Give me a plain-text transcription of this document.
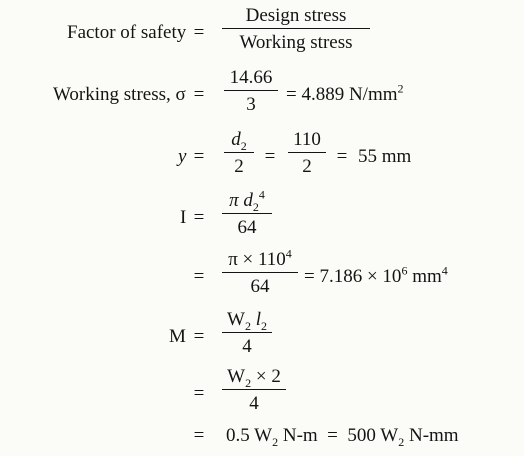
Factor of safety =
Design stress
Working stress
Working stress, σ =
14.66
3	= 4.889 $N/mm^2$
y =
$d_2$
2	=
110
2	= 55 mm
I =
π $d_2^4$
64
=
$\pi \times 110^4$
64	= $7.186 \times 10^6$ $mm^4$
M =
$W_2$ $l_2$
4
=
$W_2 \times 2$
4
= 0.5 $W_2$ N-m  =  500 $W_2$ N-mm
